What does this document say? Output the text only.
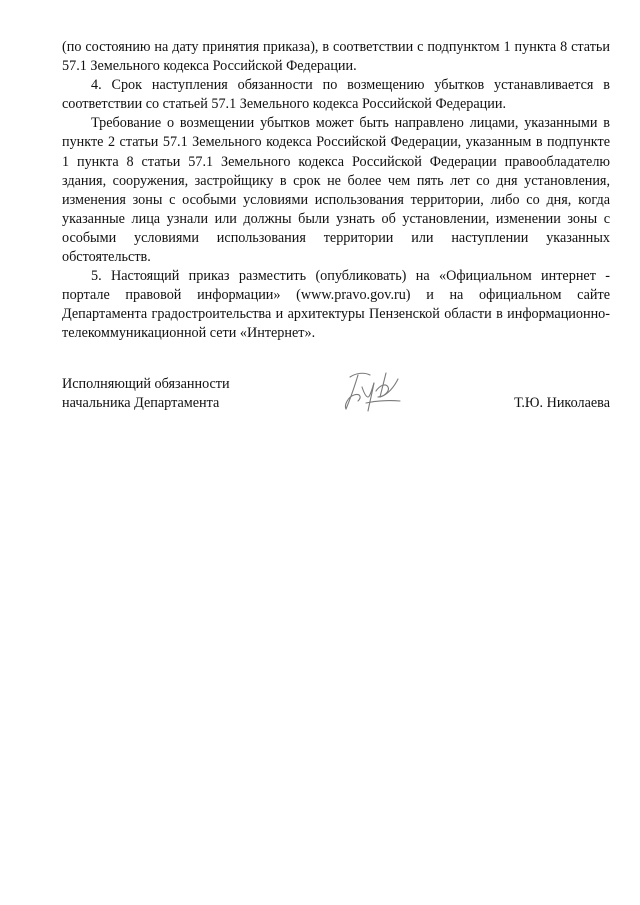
(по состоянию на дату принятия приказа), в соответствии с подпунктом 1 пункта 8 статьи 57.1 Земельного кодекса Российской Федерации.

4. Срок наступления обязанности по возмещению убытков устанавливается в соответствии со статьей 57.1 Земельного кодекса Российской Федерации.

Требование о возмещении убытков может быть направлено лицами, указанными в пункте 2 статьи 57.1 Земельного кодекса Российской Федерации, указанным в подпункте 1 пункта 8 статьи 57.1 Земельного кодекса Российской Федерации правообладателю здания, сооружения, застройщику в срок не более чем пять лет со дня установления, изменения зоны с особыми условиями использования территории, либо со дня, когда указанные лица узнали или должны были узнать об установлении, изменении зоны с особыми условиями использования территории или наступлении указанных обстоятельств.

5. Настоящий приказ разместить (опубликовать) на «Официальном интернет - портале правовой информации» (www.pravo.gov.ru) и на официальном сайте Департамента градостроительства и архитектуры Пензенской области в информационно-телекоммуникационной сети «Интернет».

Исполняющий обязанности
начальника Департамента	Т.Ю. Николаева
